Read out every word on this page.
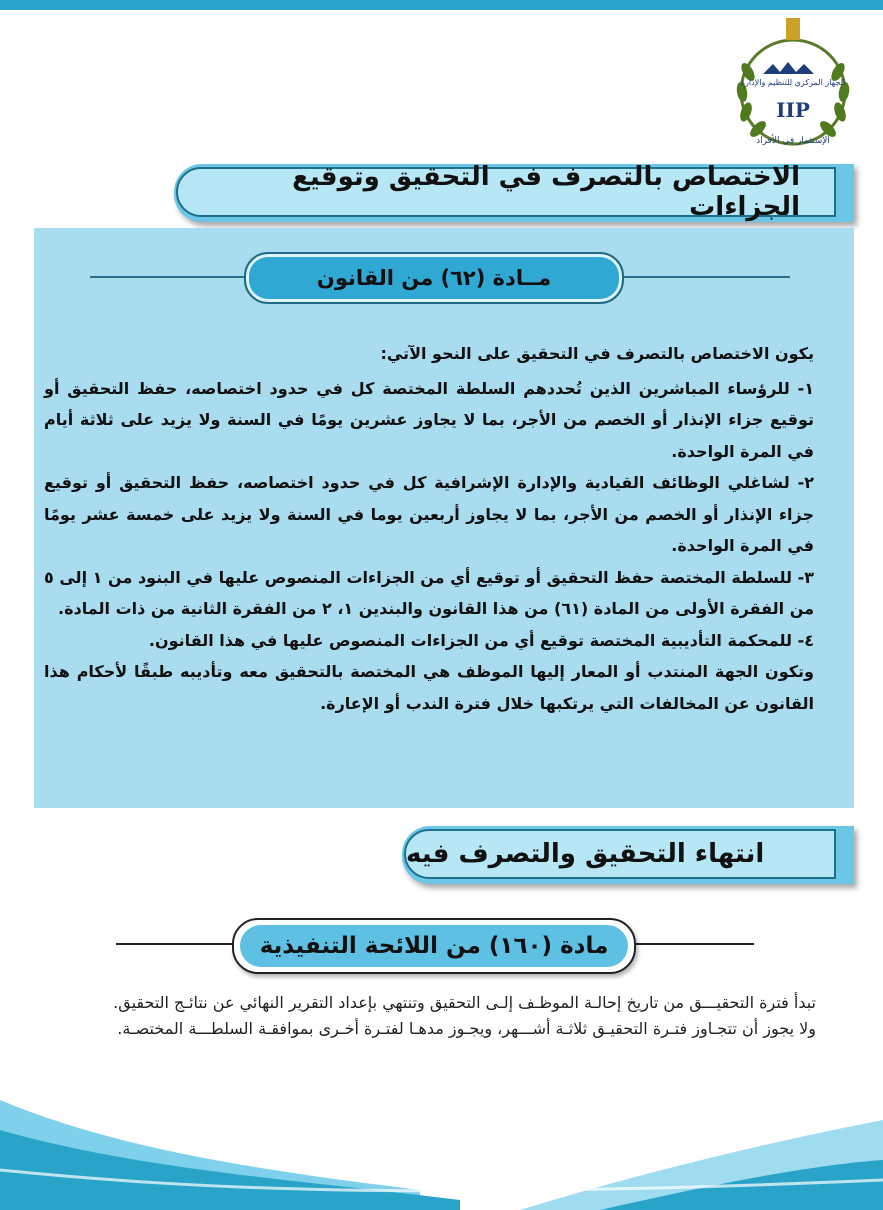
الجهاز المركزي للتنظيم والإدارة
IIP
الإستثمار في الأفراد
الاختصاص بالتصرف في التحقيق وتوقيع الجزاءات
مــادة (٦٢) من القانون

يكون الاختصاص بالتصرف في التحقيق على النحو الآتي:

١- للرؤساء المباشرين الذين تُحددهم السلطة المختصة كل في حدود اختصاصه، حفظ التحقيق أو توقيع جزاء الإنذار أو الخصم من الأجر، بما لا يجاوز عشرين يومًا في السنة ولا يزيد على ثلاثة أيام في المرة الواحدة.

٢- لشاغلي الوظائف القيادية والإدارة الإشرافية كل في حدود اختصاصه، حفظ التحقيق أو توقيع جزاء الإنذار أو الخصم من الأجر، بما لا يجاوز أربعين يوما في السنة ولا يزيد على خمسة عشر يومًا في المرة الواحدة.

٣- للسلطة المختصة حفظ التحقيق أو توقيع أي من الجزاءات المنصوص عليها في البنود من ١ إلى ٥ من الفقرة الأولى من المادة (٦١) من هذا القانون والبندين ١، ٢ من الفقرة الثانية من ذات المادة.

٤- للمحكمة التأديبية المختصة توقيع أي من الجزاءات المنصوص عليها في هذا القانون.

وتكون الجهة المنتدب أو المعار إليها الموظف هي المختصة بالتحقيق معه وتأديبه طبقًا لأحكام هذا القانون عن المخالفات التي يرتكبها خلال فترة الندب أو الإعارة.

انتهاء التحقيق والتصرف فيه
مادة (١٦٠) من اللائحة التنفيذية

تبدأ فترة التحقيـــق من تاريخ إحالـة الموظـف إلـى التحقيق وتنتهي بإعداد التقرير النهائي عن نتائـج التحقيق.

ولا يجوز أن تتجـاوز فتـرة التحقيـق ثلاثـة أشـــهر، ويجـوز مدهـا لفتـرة أخـرى بموافقـة السلطـــة المختصـة.
